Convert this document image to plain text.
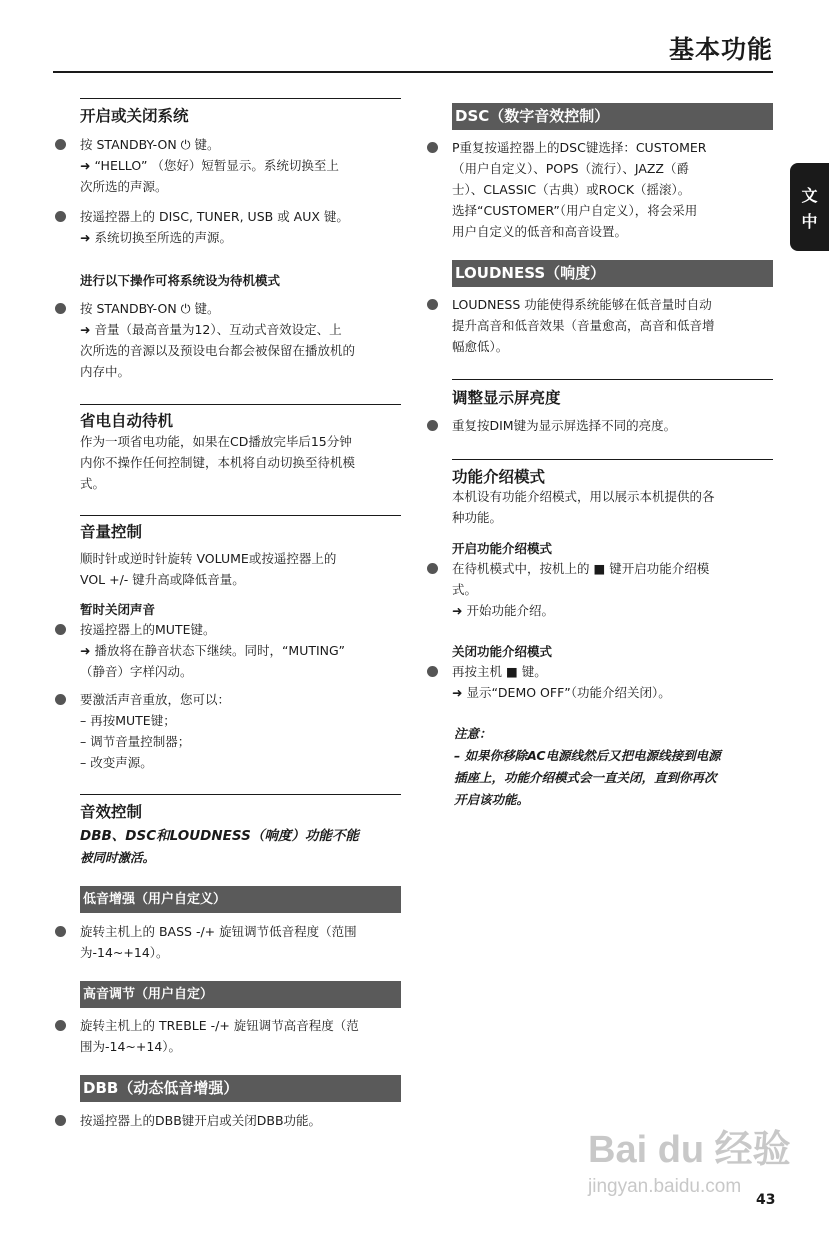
基本功能
文
中
开启或关闭系统
按 STANDBY-ON ⏻ 键。
➜ “HELLO” （您好）短暂显示。系统切换至上
次所选的声源。
按遥控器上的 DISC, TUNER, USB 或 AUX 键。
➜ 系统切换至所选的声源。
进行以下操作可将系统设为待机模式
按 STANDBY-ON ⏻ 键。
➜ 音量（最高音量为12）、互动式音效设定、上
次所选的音源以及预设电台都会被保留在播放机的
内存中。
省电自动待机
作为一项省电功能，如果在CD播放完毕后15分钟
内你不操作任何控制键，本机将自动切换至待机模
式。
音量控制
顺时针或逆时针旋转 VOLUME或按遥控器上的
VOL +/- 键升高或降低音量。
暂时关闭声音
按遥控器上的MUTE键。
➜ 播放将在静音状态下继续。同时，“MUTING”
（静音）字样闪动。
要激活声音重放，您可以：
– 再按MUTE键；
– 调节音量控制器；
– 改变声源。
音效控制
DBB、DSC和LOUDNESS（响度）功能不能
被同时激活。
低音增强（用户自定义）
旋转主机上的 BASS -/+ 旋钮调节低音程度（范围
为-14~+14）。
高音调节（用户自定）
旋转主机上的 TREBLE -/+ 旋钮调节高音程度（范
围为-14~+14）。
DBB（动态低音增强）
按遥控器上的DBB键开启或关闭DBB功能。
DSC（数字音效控制）
P重复按遥控器上的DSC键选择：CUSTOMER
（用户自定义）、POPS（流行）、JAZZ（爵
士）、CLASSIC（古典）或ROCK（摇滚）。
选择“CUSTOMER”（用户自定义），将会采用
用户自定义的低音和高音设置。
LOUDNESS（响度）
LOUDNESS 功能使得系统能够在低音量时自动
提升高音和低音效果（音量愈高，高音和低音增
幅愈低）。
调整显示屏亮度
重复按DIM键为显示屏选择不同的亮度。
功能介绍模式
本机设有功能介绍模式，用以展示本机提供的各
种功能。
开启功能介绍模式
在待机模式中，按机上的 ■ 键开启功能介绍模
式。
➜ 开始功能介绍。
关闭功能介绍模式
再按主机 ■ 键。
➜ 显示“DEMO OFF”（功能介绍关闭）。
注意：
– 如果你移除AC电源线然后又把电源线接到电源
插座上，功能介绍模式会一直关闭，直到你再次
开启该功能。
Bai du 经验
jingyan.baidu.com
43
